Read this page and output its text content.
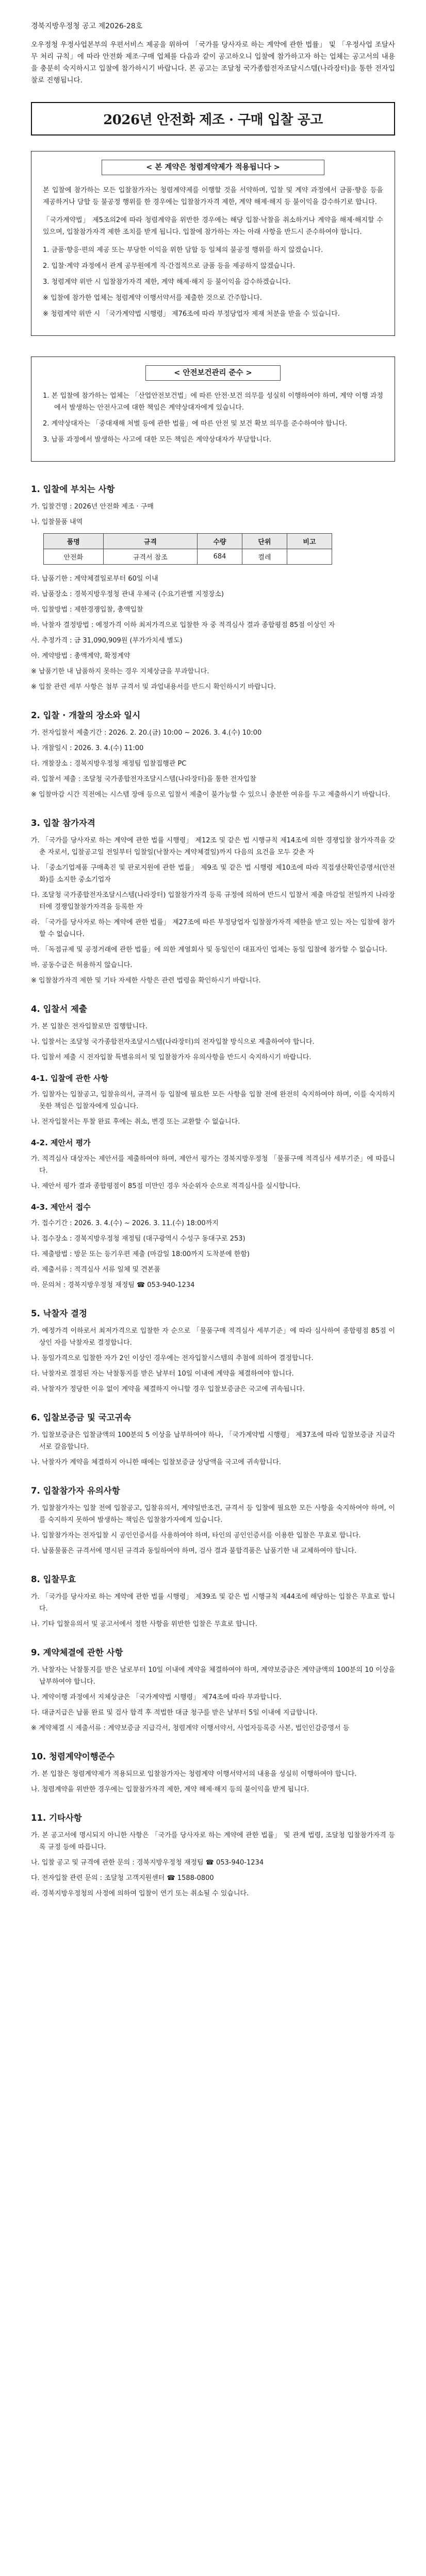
경북지방우정청 공고 제2026-28호
오우정청 우정사업본부의 우편서비스 제공을 위하여 「국가를 당사자로 하는 계약에 관한 법률」 및 「우정사업 조달사무 처리 규칙」에 따라 안전화 제조·구매 업체를 다음과 같이 공고하오니 입찰에 참가하고자 하는 업체는 공고서의 내용을 충분히 숙지하시고 입찰에 참가하시기 바랍니다. 본 공고는 조달청 국가종합전자조달시스템(나라장터)을 통한 전자입찰로 진행됩니다.
2026년 안전화 제조 · 구매 입찰 공고
< 본 계약은 청렴계약제가 적용됩니다 >
본 입찰에 참가하는 모든 입찰참가자는 청렴계약제를 이행할 것을 서약하며, 입찰 및 계약 과정에서 금품·향응 등을 제공하거나 담합 등 불공정 행위를 한 경우에는 입찰참가자격 제한, 계약 해제·해지 등 불이익을 감수하기로 합니다.
「국가계약법」 제5조의2에 따라 청렴계약을 위반한 경우에는 해당 입찰·낙찰을 취소하거나 계약을 해제·해지할 수 있으며, 입찰참가자격 제한 조치를 받게 됩니다. 입찰에 참가하는 자는 아래 사항을 반드시 준수하여야 합니다.

1. 금품·향응·편의 제공 또는 부당한 이익을 위한 담합 등 일체의 불공정 행위를 하지 않겠습니다.

2. 입찰·계약 과정에서 관계 공무원에게 직·간접적으로 금품 등을 제공하지 않겠습니다.

3. 청렴계약 위반 시 입찰참가자격 제한, 계약 해제·해지 등 불이익을 감수하겠습니다.

※ 입찰에 참가한 업체는 청렴계약 이행서약서를 제출한 것으로 간주합니다.

※ 청렴계약 위반 시 「국가계약법 시행령」 제76조에 따라 부정당업자 제재 처분을 받을 수 있습니다.

< 안전보건관리 준수 >

1. 본 입찰에 참가하는 업체는 「산업안전보건법」에 따른 안전·보건 의무를 성실히 이행하여야 하며, 계약 이행 과정에서 발생하는 안전사고에 대한 책임은 계약상대자에게 있습니다.

2. 계약상대자는 「중대재해 처벌 등에 관한 법률」에 따른 안전 및 보건 확보 의무를 준수하여야 합니다.

3. 납품 과정에서 발생하는 사고에 대한 모든 책임은 계약상대자가 부담합니다.

1. 입찰에 부치는 사항

가. 입찰건명 : 2026년 안전화 제조 · 구매

나. 입찰물품 내역

품명	규격	수량	단위	비고
안전화	규격서 참조	684	켤레	

다. 납품기한 : 계약체결일로부터 60일 이내

라. 납품장소 : 경북지방우정청 관내 우체국 (수요기관별 지정장소)

마. 입찰방법 : 제한경쟁입찰, 총액입찰

바. 낙찰자 결정방법 : 예정가격 이하 최저가격으로 입찰한 자 중 적격심사 결과 종합평점 85점 이상인 자

사. 추정가격 : 금 31,090,909원 (부가가치세 별도)

아. 계약방법 : 총액계약, 확정계약

※ 납품기한 내 납품하지 못하는 경우 지체상금을 부과합니다.

※ 입찰 관련 세부 사항은 첨부 규격서 및 과업내용서를 반드시 확인하시기 바랍니다.

2. 입찰 · 개찰의 장소와 일시

가. 전자입찰서 제출기간 : 2026. 2. 20.(금) 10:00 ~ 2026. 3. 4.(수) 10:00

나. 개찰일시 : 2026. 3. 4.(수) 11:00

다. 개찰장소 : 경북지방우정청 재정팀 입찰집행관 PC

라. 입찰서 제출 : 조달청 국가종합전자조달시스템(나라장터)을 통한 전자입찰

※ 입찰마감 시간 직전에는 시스템 장애 등으로 입찰서 제출이 불가능할 수 있으니 충분한 여유를 두고 제출하시기 바랍니다.

3. 입찰 참가자격

가. 「국가를 당사자로 하는 계약에 관한 법률 시행령」 제12조 및 같은 법 시행규칙 제14조에 의한 경쟁입찰 참가자격을 갖춘 자로서, 입찰공고일 전일부터 입찰일(낙찰자는 계약체결일)까지 다음의 요건을 모두 갖춘 자

나. 「중소기업제품 구매촉진 및 판로지원에 관한 법률」 제9조 및 같은 법 시행령 제10조에 따라 직접생산확인증명서(안전화)를 소지한 중소기업자

다. 조달청 국가종합전자조달시스템(나라장터) 입찰참가자격 등록 규정에 의하여 반드시 입찰서 제출 마감일 전일까지 나라장터에 경쟁입찰참가자격을 등록한 자

라. 「국가를 당사자로 하는 계약에 관한 법률」 제27조에 따른 부정당업자 입찰참가자격 제한을 받고 있는 자는 입찰에 참가할 수 없습니다.

마. 「독점규제 및 공정거래에 관한 법률」에 의한 계열회사 및 동일인이 대표자인 업체는 동일 입찰에 참가할 수 없습니다.

바. 공동수급은 허용하지 않습니다.

※ 입찰참가자격 제한 및 기타 자세한 사항은 관련 법령을 확인하시기 바랍니다.

4. 입찰서 제출

가. 본 입찰은 전자입찰로만 집행합니다.

나. 입찰서는 조달청 국가종합전자조달시스템(나라장터)의 전자입찰 방식으로 제출하여야 합니다.

다. 입찰서 제출 시 전자입찰 특별유의서 및 입찰참가자 유의사항을 반드시 숙지하시기 바랍니다.

4-1. 입찰에 관한 사항

가. 입찰자는 입찰공고, 입찰유의서, 규격서 등 입찰에 필요한 모든 사항을 입찰 전에 완전히 숙지하여야 하며, 이를 숙지하지 못한 책임은 입찰자에게 있습니다.

나. 전자입찰서는 투찰 완료 후에는 취소, 변경 또는 교환할 수 없습니다.

4-2. 제안서 평가

가. 적격심사 대상자는 제안서를 제출하여야 하며, 제안서 평가는 경북지방우정청 「물품구매 적격심사 세부기준」에 따릅니다.

나. 제안서 평가 결과 종합평점이 85점 미만인 경우 차순위자 순으로 적격심사를 실시합니다.

4-3. 제안서 접수

가. 접수기간 : 2026. 3. 4.(수) ~ 2026. 3. 11.(수) 18:00까지

나. 접수장소 : 경북지방우정청 재정팀 (대구광역시 수성구 동대구로 253)

다. 제출방법 : 방문 또는 등기우편 제출 (마감일 18:00까지 도착분에 한함)

라. 제출서류 : 적격심사 서류 일체 및 견본품

마. 문의처 : 경북지방우정청 재정팀 ☎ 053-940-1234

5. 낙찰자 결정

가. 예정가격 이하로서 최저가격으로 입찰한 자 순으로 「물품구매 적격심사 세부기준」에 따라 심사하여 종합평점 85점 이상인 자를 낙찰자로 결정합니다.

나. 동일가격으로 입찰한 자가 2인 이상인 경우에는 전자입찰시스템의 추첨에 의하여 결정합니다.

다. 낙찰자로 결정된 자는 낙찰통지를 받은 날부터 10일 이내에 계약을 체결하여야 합니다.

라. 낙찰자가 정당한 이유 없이 계약을 체결하지 아니할 경우 입찰보증금은 국고에 귀속됩니다.

6. 입찰보증금 및 국고귀속

가. 입찰보증금은 입찰금액의 100분의 5 이상을 납부하여야 하나, 「국가계약법 시행령」 제37조에 따라 입찰보증금 지급각서로 갈음합니다.

나. 낙찰자가 계약을 체결하지 아니한 때에는 입찰보증금 상당액을 국고에 귀속합니다.

7. 입찰참가자 유의사항

가. 입찰참가자는 입찰 전에 입찰공고, 입찰유의서, 계약일반조건, 규격서 등 입찰에 필요한 모든 사항을 숙지하여야 하며, 이를 숙지하지 못하여 발생하는 책임은 입찰참가자에게 있습니다.

나. 입찰참가자는 전자입찰 시 공인인증서를 사용하여야 하며, 타인의 공인인증서를 이용한 입찰은 무효로 합니다.

다. 납품물품은 규격서에 명시된 규격과 동일하여야 하며, 검사 결과 불합격품은 납품기한 내 교체하여야 합니다.

8. 입찰무효

가. 「국가를 당사자로 하는 계약에 관한 법률 시행령」 제39조 및 같은 법 시행규칙 제44조에 해당하는 입찰은 무효로 합니다.

나. 기타 입찰유의서 및 공고서에서 정한 사항을 위반한 입찰은 무효로 합니다.

9. 계약체결에 관한 사항

가. 낙찰자는 낙찰통지를 받은 날로부터 10일 이내에 계약을 체결하여야 하며, 계약보증금은 계약금액의 100분의 10 이상을 납부하여야 합니다.

나. 계약이행 과정에서 지체상금은 「국가계약법 시행령」 제74조에 따라 부과합니다.

다. 대금지급은 납품 완료 및 검사 합격 후 적법한 대금 청구를 받은 날부터 5일 이내에 지급합니다.

※ 계약체결 시 제출서류 : 계약보증금 지급각서, 청렴계약 이행서약서, 사업자등록증 사본, 법인인감증명서 등

10. 청렴계약이행준수

가. 본 입찰은 청렴계약제가 적용되므로 입찰참가자는 청렴계약 이행서약서의 내용을 성실히 이행하여야 합니다.

나. 청렴계약을 위반한 경우에는 입찰참가자격 제한, 계약 해제·해지 등의 불이익을 받게 됩니다.

11. 기타사항

가. 본 공고서에 명시되지 아니한 사항은 「국가를 당사자로 하는 계약에 관한 법률」 및 관계 법령, 조달청 입찰참가자격 등록 규정 등에 따릅니다.

나. 입찰 공고 및 규격에 관한 문의 : 경북지방우정청 재정팀 ☎ 053-940-1234

다. 전자입찰 관련 문의 : 조달청 고객지원센터 ☎ 1588-0800

라. 경북지방우정청의 사정에 의하여 입찰이 연기 또는 취소될 수 있습니다.
